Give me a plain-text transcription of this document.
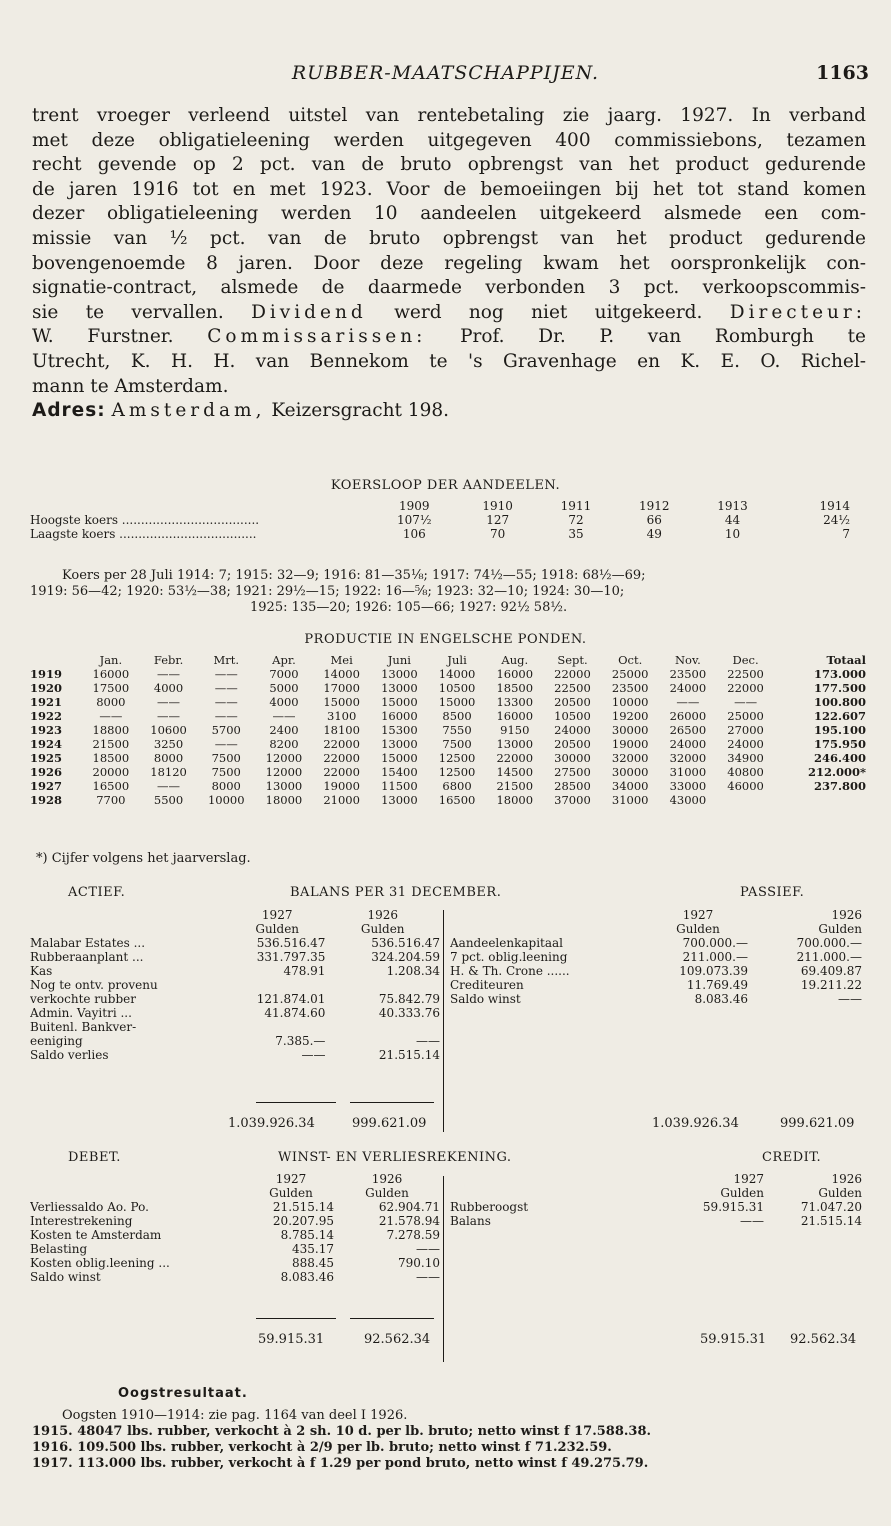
RUBBER-MAATSCHAPPIJEN.	1163

trent vroeger verleend uitstel van rentebetaling zie jaarg. 1927. In verband

met deze obligatieleening werden uitgegeven 400 commissiebons, tezamen

recht gevende op 2 pct. van de bruto opbrengst van het product gedurende

de jaren 1916 tot en met 1923. Voor de bemoeiingen bij het tot stand komen

dezer obligatieleening werden 10 aandeelen uitgekeerd alsmede een com-

missie van ½ pct. van de bruto opbrengst van het product gedurende

bovengenoemde 8 jaren. Door deze regeling kwam het oorspronkelijk con-

signatie-contract, alsmede de daarmede verbonden 3 pct. verkoopscommis-

sie te vervallen. Dividend werd nog niet uitgekeerd. Directeur:

W. Furstner. Commissarissen: Prof. Dr. P. van Romburgh te

Utrecht, K. H. H. van Bennekom te 's Gravenhage en K. E. O. Richel-

mann te Amsterdam.

Adres: Amsterdam, Keizersgracht 198.

KOERSLOOP DER AANDEELEN.
	1909	1910	1911	1912	1913	1914
Hoogste koers ....................................	107½	127	72	66	44	24½
Laagste koers ....................................	106	70	35	49	10	7
Koers per 28 Juli 1914: 7; 1915: 32—9; 1916: 81—35⅛; 1917: 74½—55; 1918: 68½—69;
1919: 56—42; 1920: 53½—38; 1921: 29½—15; 1922: 16—⅝; 1923: 32—10; 1924: 30—10;
1925: 135—20; 1926: 105—66; 1927: 92½ 58½.
PRODUCTIE IN ENGELSCHE PONDEN.
	Jan.	Febr.	Mrt.	Apr.	Mei	Juni	Juli	Aug.	Sept.	Oct.	Nov.	Dec.	Totaal
1919	16000	——	——	7000	14000	13000	14000	16000	22000	25000	23500	22500	173.000
1920	17500	4000	——	5000	17000	13000	10500	18500	22500	23500	24000	22000	177.500
1921	8000	——	——	4000	15000	15000	15000	13300	20500	10000	——	——	100.800
1922	——	——	——	——	3100	16000	8500	16000	10500	19200	26000	25000	122.607
1923	18800	10600	5700	2400	18100	15300	7550	9150	24000	30000	26500	27000	195.100
1924	21500	3250	——	8200	22000	13000	7500	13000	20500	19000	24000	24000	175.950
1925	18500	8000	7500	12000	22000	15000	12500	22000	30000	32000	32000	34900	246.400
1926	20000	18120	7500	12000	22000	15400	12500	14500	27500	30000	31000	40800	212.000*
1927	16500	——	8000	13000	19000	11500	6800	21500	28500	34000	33000	46000	237.800
1928	7700	5500	10000	18000	21000	13000	16500	18000	37000	31000	43000		
*) Cijfer volgens het jaarverslag.
ACTIEF.	BALANS PER 31 DECEMBER.	PASSIEF.
	1927	1926
	Gulden	Gulden
Malabar Estates ...	536.516.47	536.516.47
Rubberaanplant ...	331.797.35	324.204.59
Kas	478.91	1.208.34
Nog te ontv. provenu		
verkochte rubber	121.874.01	75.842.79
Admin. Vayitri ...	41.874.60	40.333.76
Buitenl. Bankver-		
eeniging	7.385.—	——
Saldo verlies	——	21.515.14
	1927	1926
	Gulden	Gulden
Aandeelenkapitaal	700.000.—	700.000.—
7 pct. oblig.leening	211.000.—	211.000.—
H. & Th. Crone ......	109.073.39	69.409.87
Crediteuren	11.769.49	19.211.22
Saldo winst	8.083.46	——
1.039.926.34	999.621.09	1.039.926.34	999.621.09
DEBET.	WINST- EN VERLIESREKENING.	CREDIT.
	1927	1926
	Gulden	Gulden
Verliessaldo Ao. Po.	21.515.14	62.904.71
Interestrekening	20.207.95	21.578.94
Kosten te Amsterdam	8.785.14	7.278.59
Belasting	435.17	——
Kosten oblig.leening ...	888.45	790.10
Saldo winst	8.083.46	——
	1927	1926
	Gulden	Gulden
Rubberoogst	59.915.31	71.047.20
Balans	——	21.515.14
59.915.31	92.562.34	59.915.31 92.562.34
Oogstresultaat.
Oogsten 1910—1914: zie pag. 1164 van deel I 1926.
1915. 48047 lbs. rubber, verkocht à 2 sh. 10 d. per lb. bruto; netto winst f 17.588.38.
1916. 109.500 lbs. rubber, verkocht à 2/9 per lb. bruto; netto winst f 71.232.59.
1917. 113.000 lbs. rubber, verkocht à f 1.29 per pond bruto, netto winst f 49.275.79.
